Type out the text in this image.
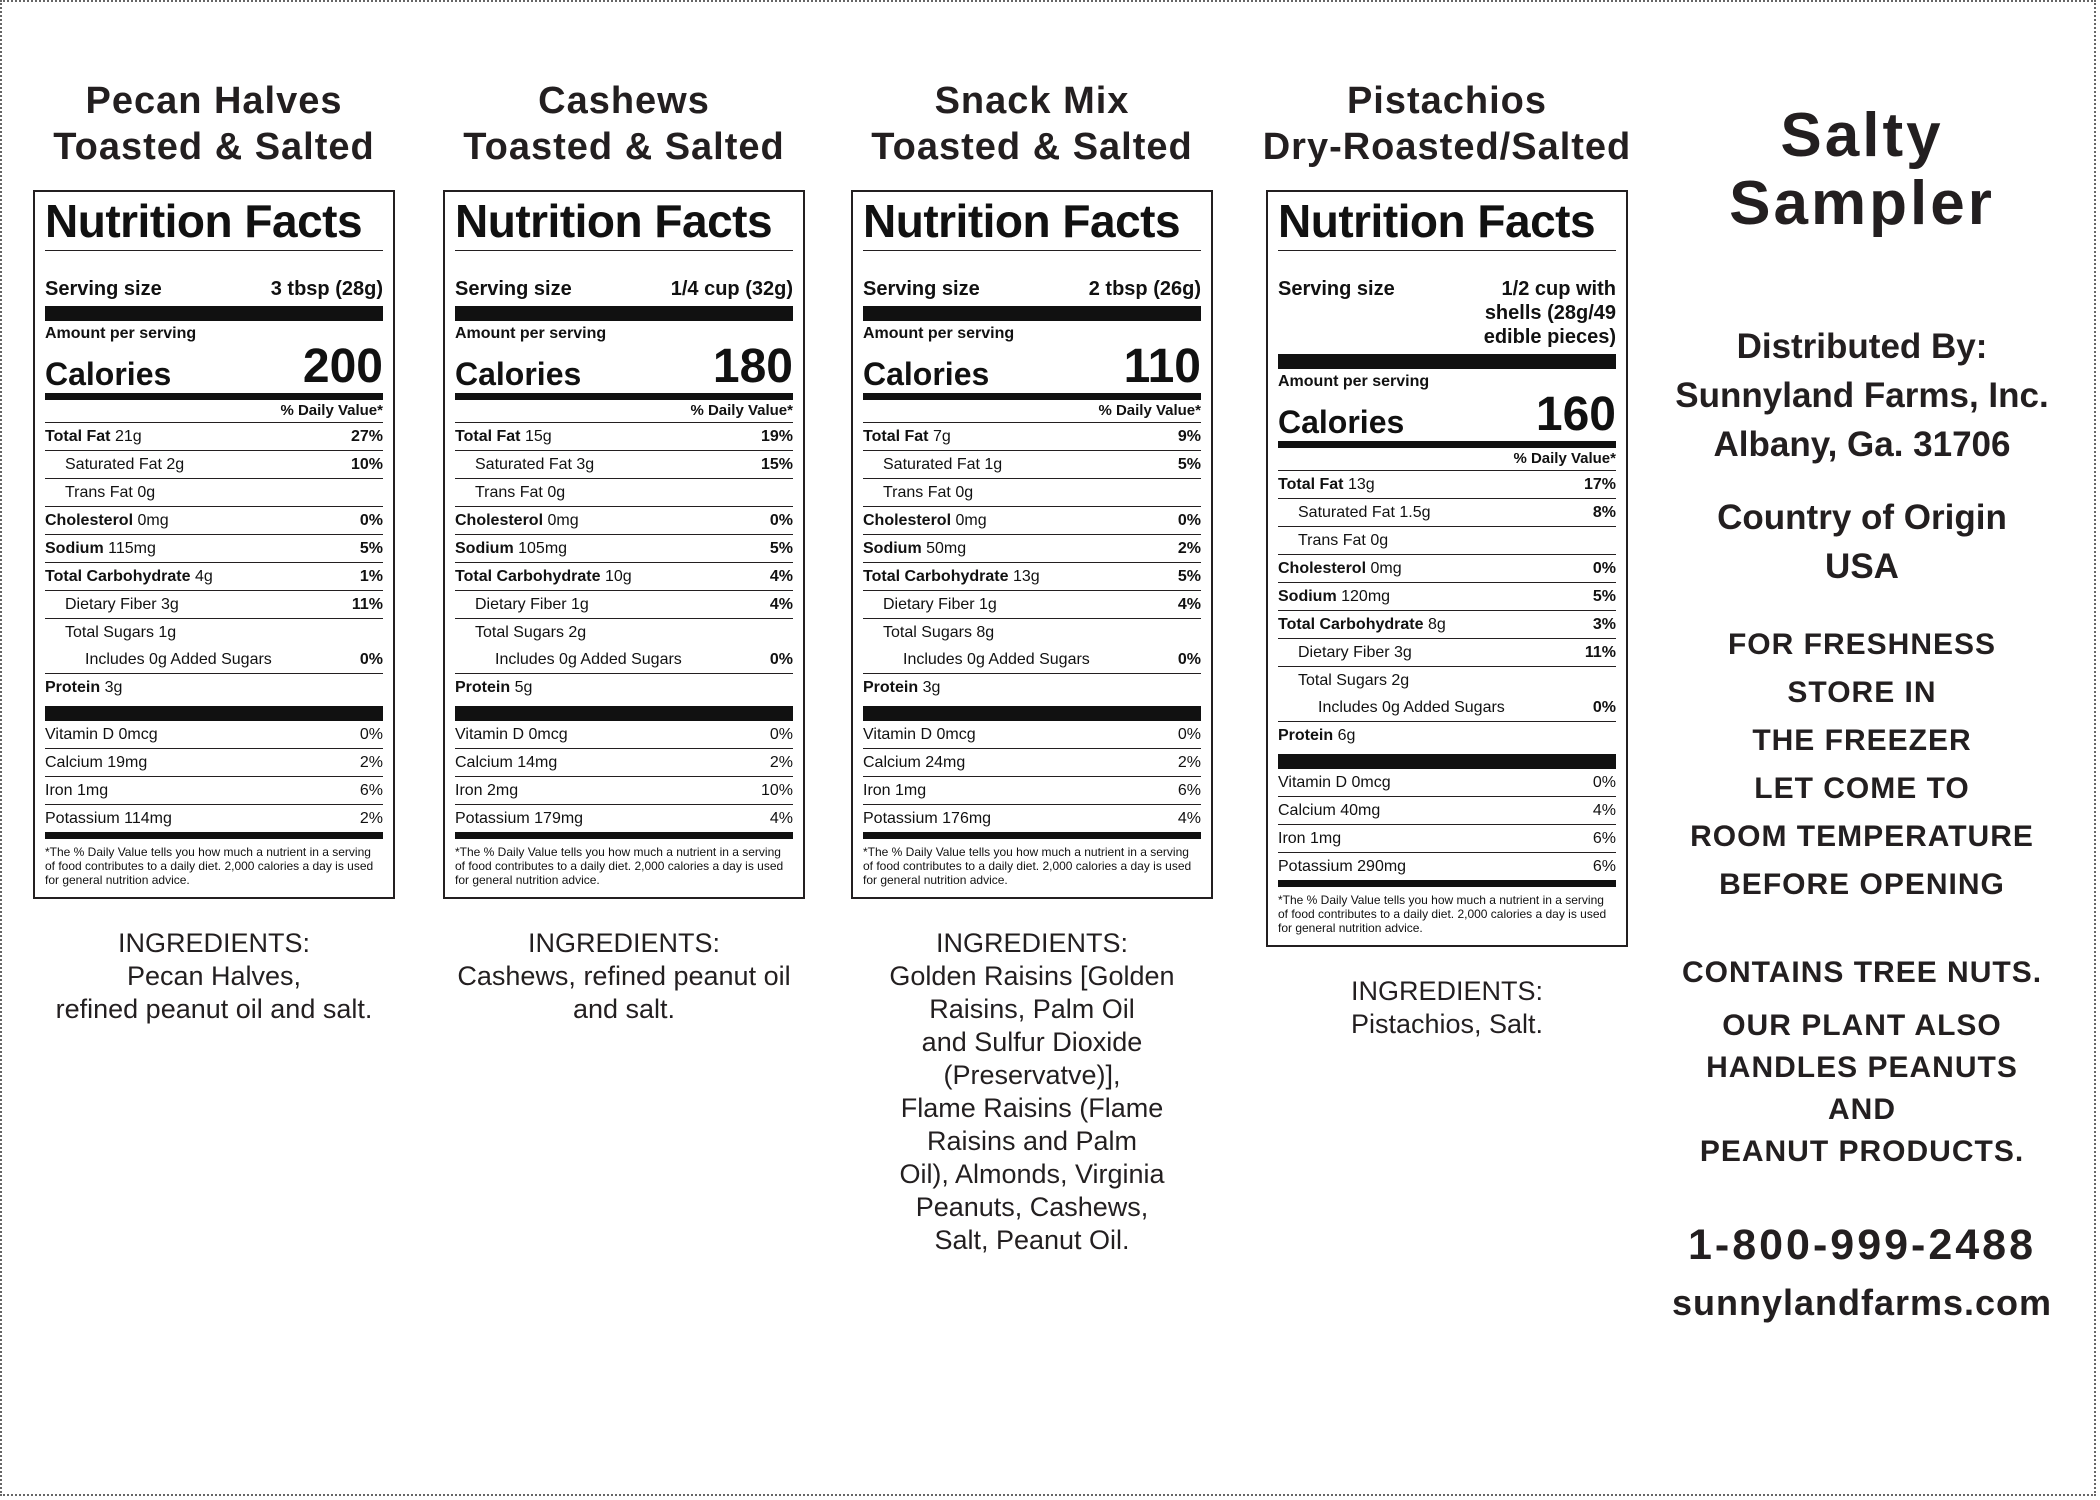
Pecan Halves
Toasted & Salted
Nutrition Facts
Serving size	3 tbsp (28g)
Amount per serving
Calories	200
% Daily Value*
Total Fat 21g	27%
Saturated Fat 2g	10%
Trans Fat 0g
Cholesterol 0mg	0%
Sodium 115mg	5%
Total Carbohydrate 4g	1%
Dietary Fiber 3g	11%
Total Sugars 1g
Includes 0g Added Sugars	0%
Protein 3g
Vitamin D 0mcg	0%
Calcium 19mg	2%
Iron 1mg	6%
Potassium 114mg	2%
*The % Daily Value tells you how much a nutrient in a serving of food contributes to a daily diet. 2,000 calories a day is used for general nutrition advice.
INGREDIENTS:
Pecan Halves,
refined peanut oil and salt.
Cashews
Toasted & Salted
Nutrition Facts
Serving size	1/4 cup (32g)
Amount per serving
Calories	180
% Daily Value*
Total Fat 15g	19%
Saturated Fat 3g	15%
Trans Fat 0g
Cholesterol 0mg	0%
Sodium 105mg	5%
Total Carbohydrate 10g	4%
Dietary Fiber 1g	4%
Total Sugars 2g
Includes 0g Added Sugars	0%
Protein 5g
Vitamin D 0mcg	0%
Calcium 14mg	2%
Iron 2mg	10%
Potassium 179mg	4%
*The % Daily Value tells you how much a nutrient in a serving of food contributes to a daily diet. 2,000 calories a day is used for general nutrition advice.
INGREDIENTS:
Cashews, refined peanut oil
and salt.
Snack Mix
Toasted & Salted
Nutrition Facts
Serving size	2 tbsp (26g)
Amount per serving
Calories	110
% Daily Value*
Total Fat 7g	9%
Saturated Fat 1g	5%
Trans Fat 0g
Cholesterol 0mg	0%
Sodium 50mg	2%
Total Carbohydrate 13g	5%
Dietary Fiber 1g	4%
Total Sugars 8g
Includes 0g Added Sugars	0%
Protein 3g
Vitamin D 0mcg	0%
Calcium 24mg	2%
Iron 1mg	6%
Potassium 176mg	4%
*The % Daily Value tells you how much a nutrient in a serving of food contributes to a daily diet. 2,000 calories a day is used for general nutrition advice.
INGREDIENTS:
Golden Raisins [Golden
Raisins, Palm Oil
and Sulfur Dioxide
(Preservatve)],
Flame Raisins (Flame
Raisins and Palm
Oil), Almonds, Virginia
Peanuts, Cashews,
Salt, Peanut Oil.
Pistachios
Dry-Roasted/Salted
Nutrition Facts
Serving size	1/2 cup with
shells (28g/49
edible pieces)
Amount per serving
Calories	160
% Daily Value*
Total Fat 13g	17%
Saturated Fat 1.5g	8%
Trans Fat 0g
Cholesterol 0mg	0%
Sodium 120mg	5%
Total Carbohydrate 8g	3%
Dietary Fiber 3g	11%
Total Sugars 2g
Includes 0g Added Sugars	0%
Protein 6g
Vitamin D 0mcg	0%
Calcium 40mg	4%
Iron 1mg	6%
Potassium 290mg	6%
*The % Daily Value tells you how much a nutrient in a serving of food contributes to a daily diet. 2,000 calories a day is used for general nutrition advice.
INGREDIENTS:
Pistachios, Salt.
Salty
Sampler
Distributed By:
Sunnyland Farms, Inc.
Albany, Ga. 31706
Country of Origin
USA
FOR FRESHNESS
STORE IN
THE FREEZER
LET COME TO
ROOM TEMPERATURE
BEFORE OPENING
CONTAINS TREE NUTS.
OUR PLANT ALSO
HANDLES PEANUTS
AND
PEANUT PRODUCTS.
1-800-999-2488
sunnylandfarms.com
